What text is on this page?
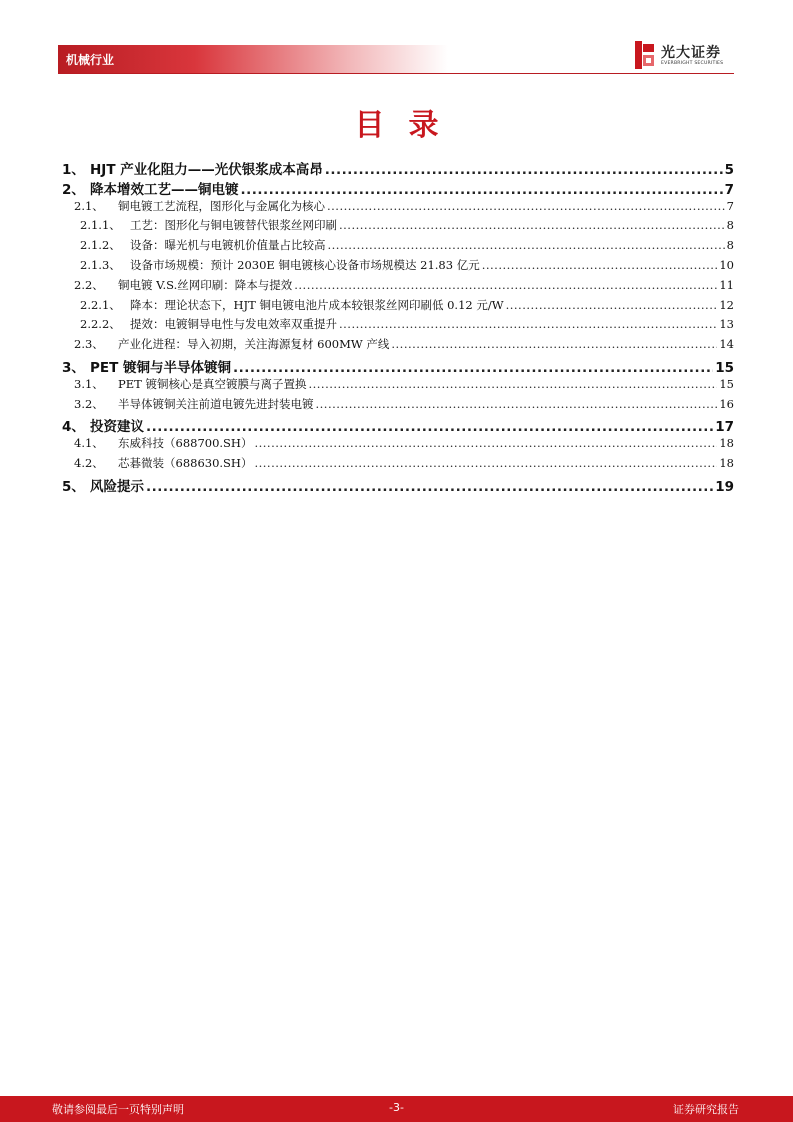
机械行业	光大证券
EVERBRIGHT SECURITIES
目录
1、 HJT 产业化阻力——光伏银浆成本高昂 .....	5
2、 降本增效工艺——铜电镀 .....	7
2.1、	铜电镀工艺流程，图形化与金属化为核心 .....	7
2.1.1、 工艺：图形化与铜电镀替代银浆丝网印刷 .....	8
2.1.2、 设备：曝光机与电镀机价值量占比较高 .....	8
2.1.3、 设备市场规模：预计 2030E 铜电镀核心设备市场规模达 21.83 亿元 .....	10
2.2、	铜电镀 V.S.丝网印刷：降本与提效 .....	11
2.2.1、 降本：理论状态下，HJT 铜电镀电池片成本较银浆丝网印刷低 0.12 元/W .....	12
2.2.2、 提效：电镀铜导电性与发电效率双重提升 .....	13
2.3、	产业化进程：导入初期，关注海源复材 600MW 产线 .....	14
3、 PET 镀铜与半导体镀铜 .....	15
3.1、	PET 镀铜核心是真空镀膜与离子置换 .....	15
3.2、	半导体镀铜关注前道电镀先进封装电镀 .....	16
4、 投资建议 .....	17
4.1、	东威科技（688700.SH） .....	18
4.2、	芯碁微装（688630.SH） .....	18
5、 风险提示 .....	19
敬请参阅最后一页特别声明	-3-	证券研究报告
